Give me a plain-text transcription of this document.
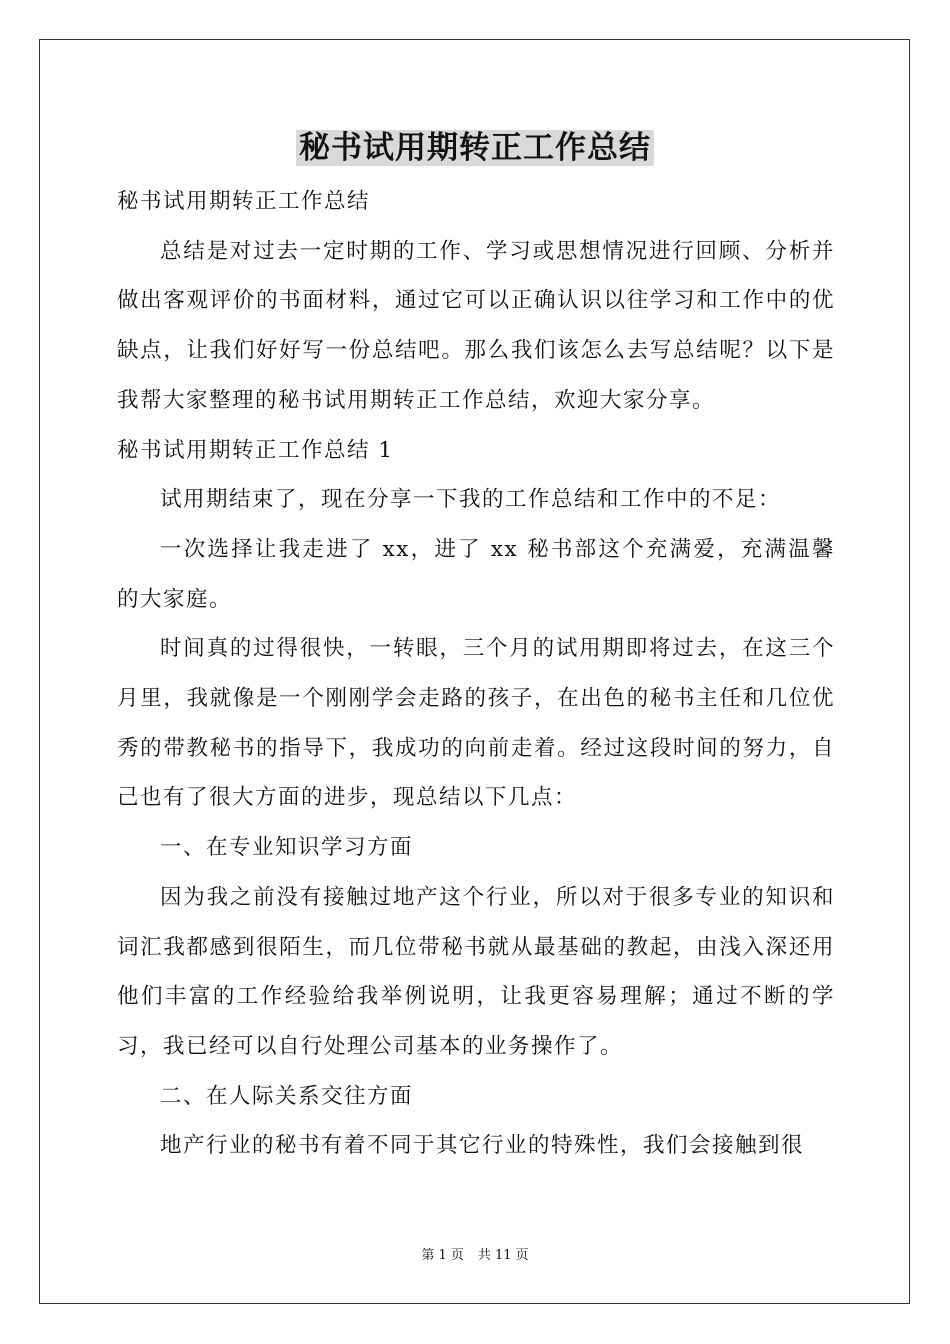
秘书试用期转正工作总结

秘书试用期转正工作总结

总结是对过去一定时期的工作、学习或思想情况进行回顾、分析并做出客观评价的书面材料，通过它可以正确认识以往学习和工作中的优缺点，让我们好好写一份总结吧。那么我们该怎么去写总结呢？以下是我帮大家整理的秘书试用期转正工作总结，欢迎大家分享。

秘书试用期转正工作总结 1

试用期结束了，现在分享一下我的工作总结和工作中的不足：

一次选择让我走进了 xx，进了 xx 秘书部这个充满爱，充满温馨的大家庭。

时间真的过得很快，一转眼，三个月的试用期即将过去，在这三个月里，我就像是一个刚刚学会走路的孩子，在出色的秘书主任和几位优秀的带教秘书的指导下，我成功的向前走着。经过这段时间的努力，自己也有了很大方面的进步，现总结以下几点：

一、在专业知识学习方面

因为我之前没有接触过地产这个行业，所以对于很多专业的知识和词汇我都感到很陌生，而几位带秘书就从最基础的教起，由浅入深还用他们丰富的工作经验给我举例说明，让我更容易理解；通过不断的学习，我已经可以自行处理公司基本的业务操作了。

二、在人际关系交往方面

地产行业的秘书有着不同于其它行业的特殊性，我们会接触到很

第 1 页 共 11 页
